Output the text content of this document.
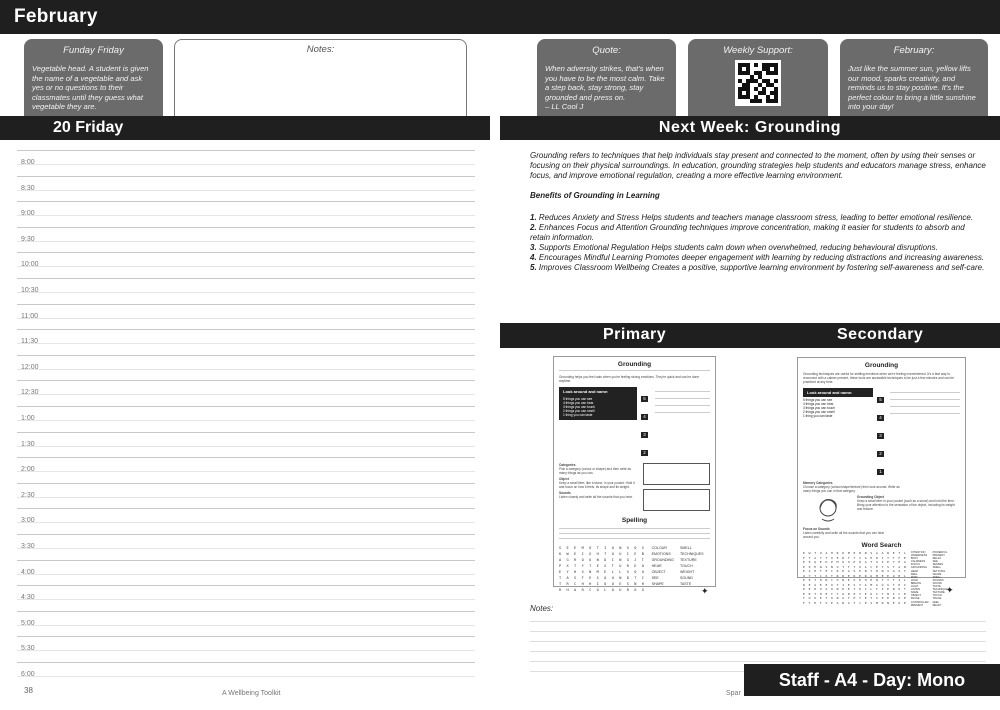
February
Funday Friday
Vegetable head. A student is given the name of a vegetable and ask yes or no questions to their classmates until they guess what vegetable they are.
Notes:	Quote:
When adversity strikes, that's when you have to be the most calm. Take a step back, stay strong, stay grounded and press on.
– LL Cool J
Weekly Support:	February:
Just like the summer sun, yellow lifts our mood, sparks creativity, and reminds us to stay positive. It's the perfect colour to bring a little sunshine into your day!
20 Friday	Next Week: Grounding
8:00
8:30
9:00
9:30
10:00
10:30
11:00
11:30
12:00
12:30
1:00
1:30
2:00
2:30
3:00
3:30
4:00
4:30
5:00
5:30
6:00

Grounding refers to techniques that help individuals stay present and connected to the moment, often by using their senses or focusing on their physical surroundings. In education, grounding strategies help students and educators manage stress, enhance focus, and improve emotional regulation, creating a more effective learning environment.

Benefits of Grounding in Learning
1. Reduces Anxiety and Stress Helps students and teachers manage classroom stress, leading to better emotional resilience.
2. Enhances Focus and Attention Grounding techniques improve concentration, making it easier for students to absorb and retain information.
3. Supports Emotional Regulation Helps students calm down when overwhelmed, reducing behavioural disruptions.
4. Encourages Mindful Learning Promotes deeper engagement with learning by reducing distractions and increasing awareness.
5. Improves Classroom Wellbeing Creates a positive, supportive learning environment by fostering self-awareness and self-care.
Primary	Secondary
Grounding
Grounding helps you feel calm when you're feeling strong emotions. They're quick and can be done anytime.
Look around and name:
5 things you can see
4 things you can hear
3 things you can touch
2 things you can smell
1 thing you can taste
5432
Categories
Pick a category (colour or shape) and then write as many things as you can.
Object
Keep a small item, like a stone, in your pocket. Hold it and focus on how it feels, its shape and its weight.
Sounds
Listen closely and write all the sounds that you hear.
Spelling
S E E M O T I O N S O S
K W E I G H T U U I E B
A G R O U N D I N G J T
P X T Y T E X T U R E O
E Y H X N M E L L S O U
T A S T E S O U N D T C
T R C H H I O U E S N H
R H A R C O L O U R O G
COLOUR
EMOTIONS
GROUNDING
HEAR
OBJECT
SEE
SHAPE
SMELL
TECHNIQUES
TEXTURE
TOUCH
WEIGHT
SOUND
TASTE
✦
Grounding
Grounding techniques are useful for settling emotions when we're feeling overwhelmed. It's a fast way to reconnect with a calmer present, these tools are accessible techniques to be just a few minutes and can be practiced at any time.
Look around and name:
5 things you can see
4 things you can hear
3 things you can touch
2 things you can smell
1 thing you can taste
54321
Memory Categories
Choose a category (colour/shape/texture) then look around. Write as many things you can in that category.
Grounding Object
Keep a small item in your pocket (such as a stone) and hold the item. Bring your attention to the sensation of the object, including its weight and texture.
Focus on Sounds
Listen carefully and write all the sounds that you can hear around you.
Word Search
E W T U A H R K M E R N S A A W E T L
F T A Y T O E R T T I G E R I T T F E
E E Q E H P M U O E D A T O I E Y E A
E P E W S N U T T T O A C E T S T A N
E A P T E C R E A S E N Y R N I A S T
U Y T C O T R R E R E R U M E E U H L
E E T H N C O N E O E H E N T T T I L
R E A E E O T I E S T A M A U S T E I
P E H O A O N E E T E C L T I E N O T
E R T H E T T U R E T E U I T N I C E
T U O E T O N A T H T E T S P E N O E
F T E T S E A R A T C P S M R N E O E
ATTENTION
AWARENESS
BODY
CALMNESS
FOCUS
GROUNDING
HEAR
FEEL
MIND
HOLD
BREATH
LIGHT
LISTEN
NAME
OBJECT
PAUSE
CONTROLLED
PRESENT
POWERFUL
PRESENT
RELAX
SEE
SENSES
SMELL
SETTLING
SHAPE
SMELL
SOUNDS
SOUND
TASTE
TECHNIQUES
TEXTURE
TOUCH
TRACE
FEEL
READY
✦
Notes:
38	A Wellbeing Toolkit	Spar
Staff - A4 - Day: Mono
